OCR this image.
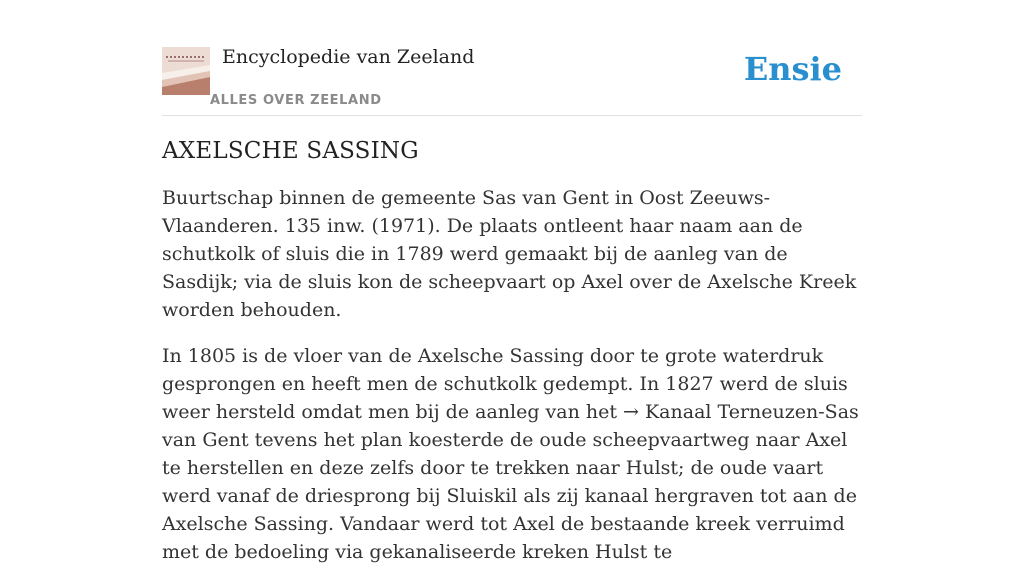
Encyclopedie van Zeeland
ALLES OVER ZEELAND
Ensie
AXELSCHE SASSING

Buurtschap binnen de gemeente Sas van Gent in Oost Zeeuws-Vlaanderen. 135 inw. (1971). De plaats ontleent haar naam aan de schutkolk of sluis die in 1789 werd gemaakt bij de aanleg van de Sasdijk; via de sluis kon de scheepvaart op Axel over de Axelsche Kreek worden behouden.

In 1805 is de vloer van de Axelsche Sassing door te grote waterdruk gesprongen en heeft men de schutkolk gedempt. In 1827 werd de sluis weer hersteld omdat men bij de aanleg van het → Kanaal Terneuzen-Sas van Gent tevens het plan koesterde de oude scheepvaartweg naar Axel te herstellen en deze zelfs door te trekken naar Hulst; de oude vaart werd vanaf de driesprong bij Sluiskil als zij kanaal hergraven tot aan de Axelsche Sassing. Vandaar werd tot Axel de bestaande kreek verruimd met de bedoeling via gekanaliseerde kreken Hulst te
